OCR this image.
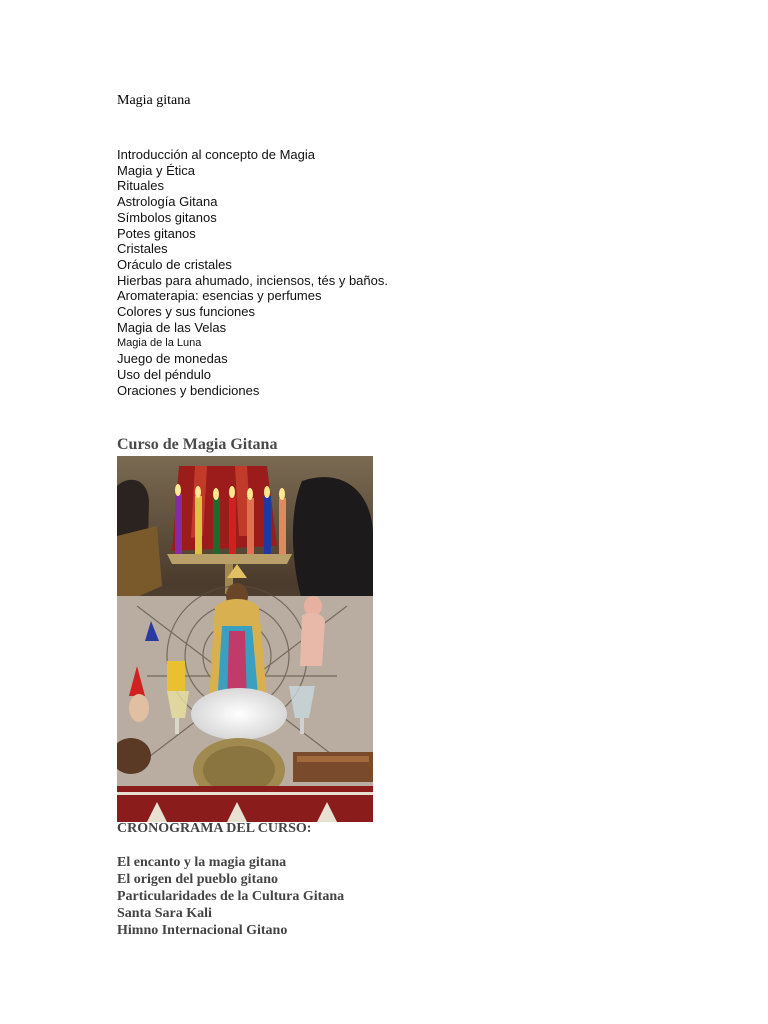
Magia gitana
Introducción al concepto de Magia
Magia y Ética
Rituales
Astrología Gitana
Símbolos gitanos
Potes gitanos
Cristales
Oráculo de cristales
Hierbas para ahumado, inciensos, tés y baños.
Aromaterapia: esencias y perfumes
Colores y sus funciones
Magia de las Velas
Magia de la Luna
Juego de monedas
Uso del péndulo
Oraciones y bendiciones
Curso de Magia Gitana
CRONOGRAMA DEL CURSO:
El encanto y la magia gitana
El origen del pueblo gitano
Particularidades de la Cultura Gitana
Santa Sara Kali
Himno Internacional Gitano
